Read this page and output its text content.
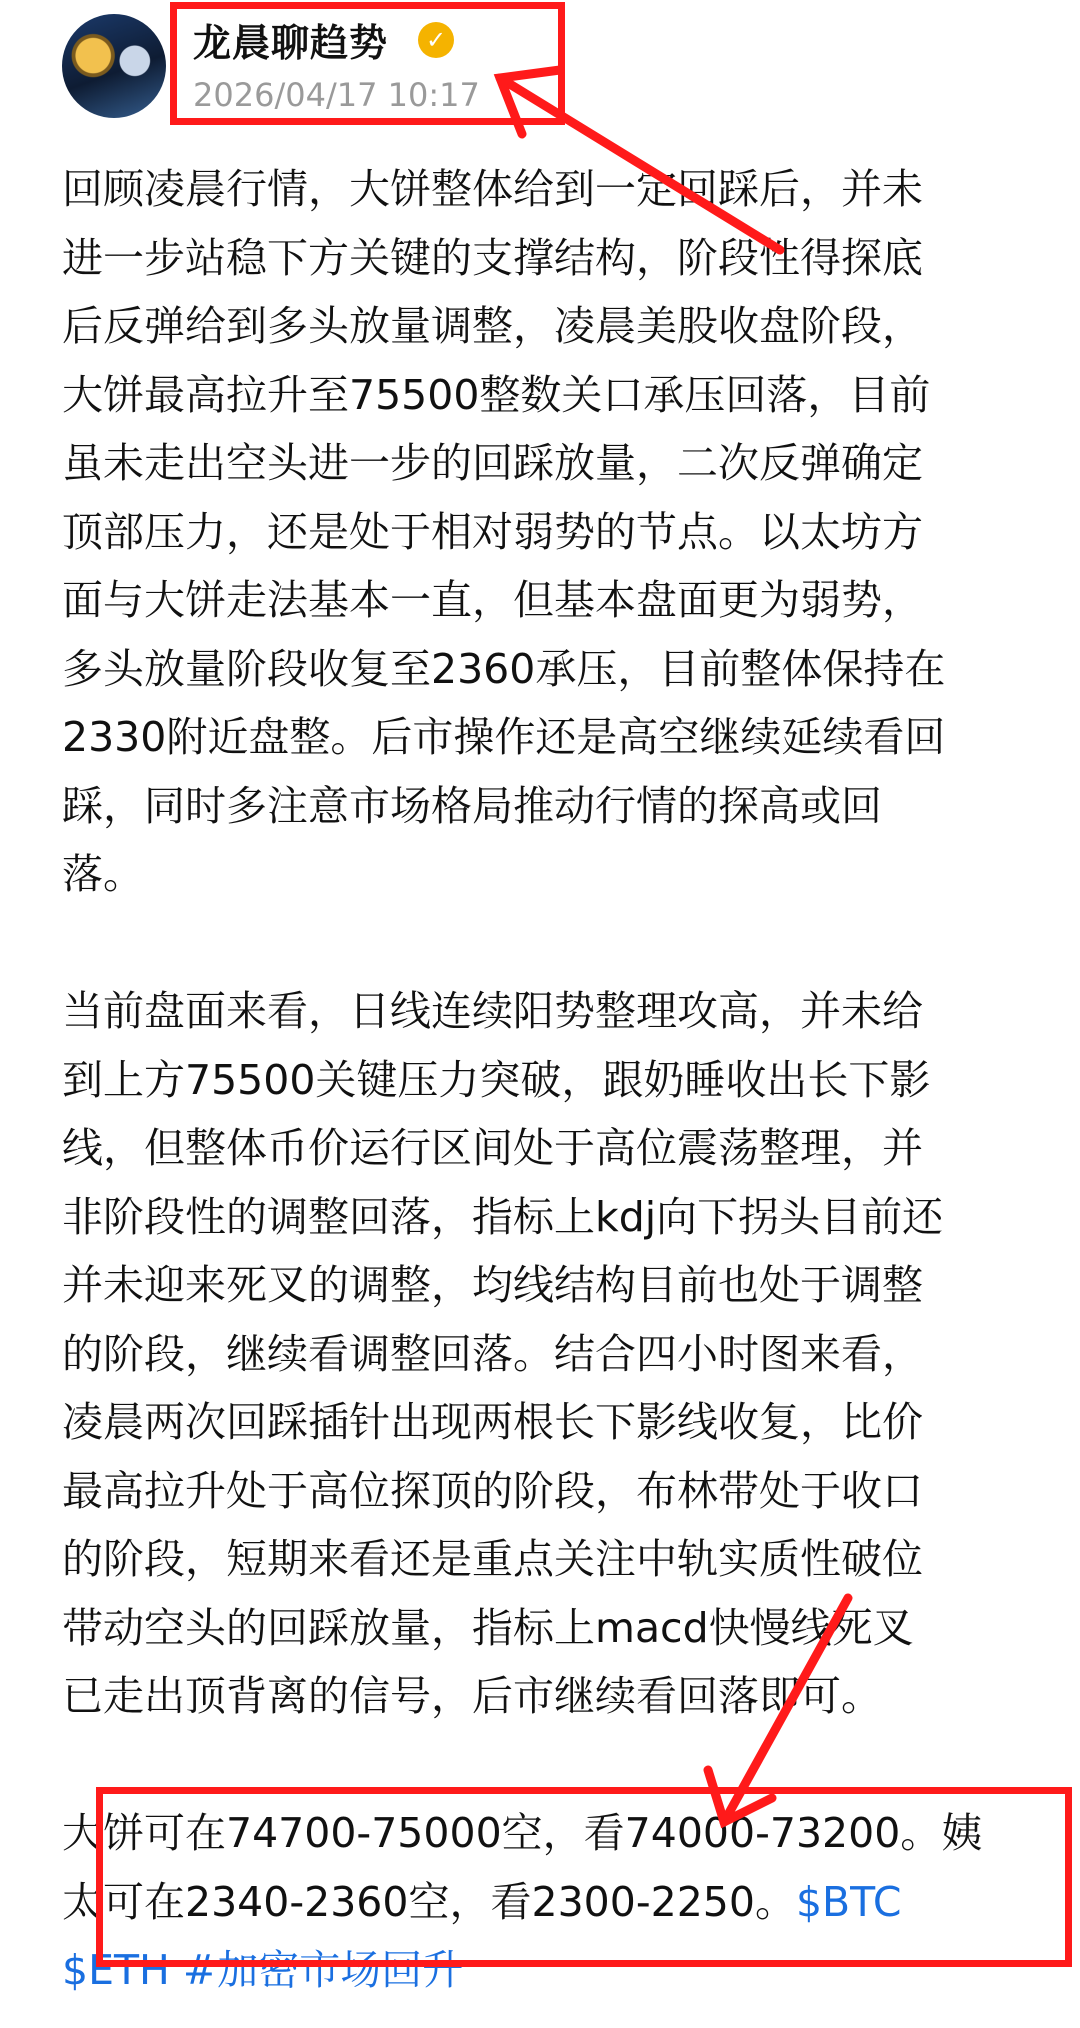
龙晨聊趋势	✓
2026/04/17 10:17

回顾凌晨行情，大饼整体给到一定回踩后，并未
进一步站稳下方关键的支撑结构，阶段性得探底
后反弹给到多头放量调整，凌晨美股收盘阶段，
大饼最高拉升至75500整数关口承压回落，目前
虽未走出空头进一步的回踩放量，二次反弹确定
顶部压力，还是处于相对弱势的节点。以太坊方
面与大饼走法基本一直，但基本盘面更为弱势，
多头放量阶段收复至2360承压，目前整体保持在
2330附近盘整。后市操作还是高空继续延续看回
踩，同时多注意市场格局推动行情的探高或回
落。

当前盘面来看，日线连续阳势整理攻高，并未给
到上方75500关键压力突破，跟奶睡收出长下影
线，但整体币价运行区间处于高位震荡整理，并
非阶段性的调整回落，指标上kdj向下拐头目前还
并未迎来死叉的调整，均线结构目前也处于调整
的阶段，继续看调整回落。结合四小时图来看，
凌晨两次回踩插针出现两根长下影线收复，比价
最高拉升处于高位探顶的阶段，布林带处于收口
的阶段，短期来看还是重点关注中轨实质性破位
带动空头的回踩放量，指标上macd快慢线死叉
已走出顶背离的信号，后市继续看回落即可。

大饼可在74700-75000空，看74000-73200。姨
太可在2340-2360空，看2300-2250。$BTC
$ETH #加密市场回升
